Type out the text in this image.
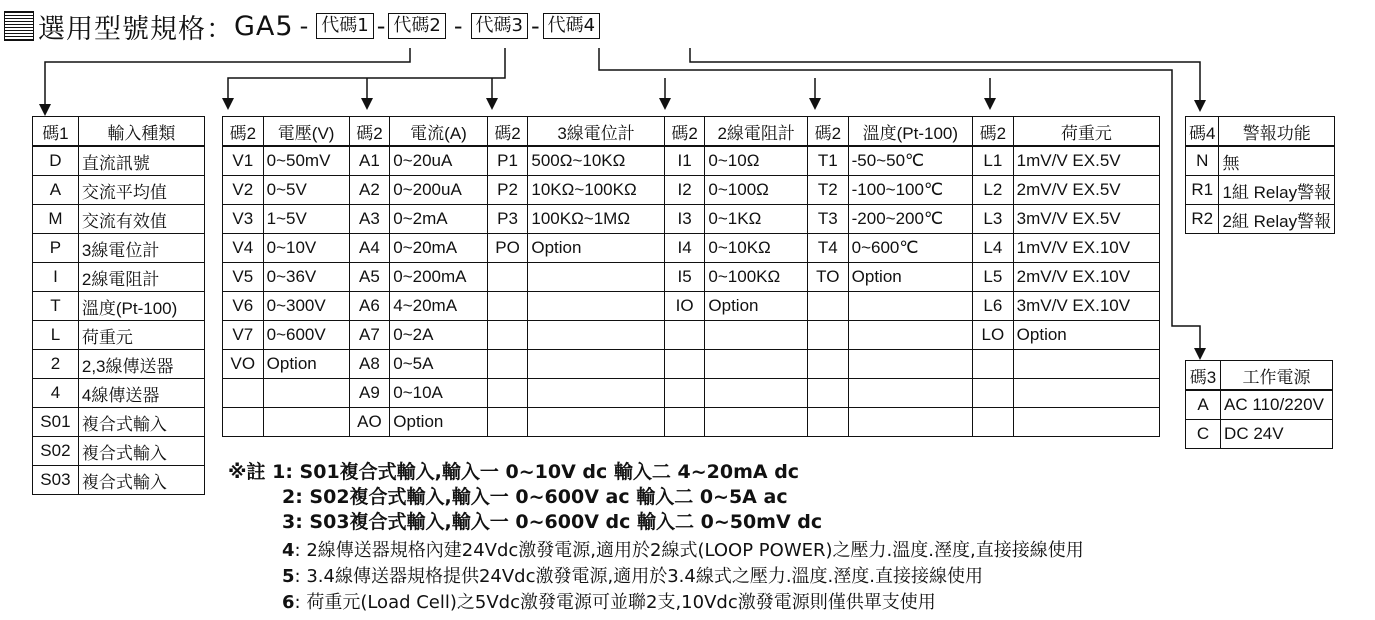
選用型號規格 ： GA5 - 代碼1 - 代碼2 - 代碼3 - 代碼4
碼1	輸入種類
D	直流訊號
A	交流平均值
M	交流有效值
P	3線電位計
I	2線電阻計
T	溫度(Pt-100)
L	荷重元
2	2,3線傳送器
4	4線傳送器
S01	複合式輸入
S02	複合式輸入
S03	複合式輸入
碼2	電壓(V)	碼2	電流(A)	碼2	3線電位計	碼2	2線電阻計	碼2	溫度(Pt-100)	碼2	荷重元
V1	0~50mV	A1	0~20uA	P1	500Ω~10KΩ	I1	0~10Ω	T1	-50~50℃	L1	1mV/V EX.5V
V2	0~5V	A2	0~200uA	P2	10KΩ~100KΩ	I2	0~100Ω	T2	-100~100℃	L2	2mV/V EX.5V
V3	1~5V	A3	0~2mA	P3	100KΩ~1MΩ	I3	0~1KΩ	T3	-200~200℃	L3	3mV/V EX.5V
V4	0~10V	A4	0~20mA	PO	Option	I4	0~10KΩ	T4	0~600℃	L4	1mV/V EX.10V
V5	0~36V	A5	0~200mA			I5	0~100KΩ	TO	Option	L5	2mV/V EX.10V
V6	0~300V	A6	4~20mA			IO	Option			L6	3mV/V EX.10V
V7	0~600V	A7	0~2A							LO	Option
VO	Option	A8	0~5A								
		A9	0~10A								
		AO	Option								
碼4	警報功能
N	無
R1	1組 Relay警報
R2	2組 Relay警報
碼3	工作電源
A	AC 110/220V
C	DC 24V
※註 1: S01複合式輸入,輸入一 0~10V dc 輸入二 4~20mA dc
2: S02複合式輸入,輸入一 0~600V ac 輸入二 0~5A ac
3: S03複合式輸入,輸入一 0~600V dc 輸入二 0~50mV dc
4: 2線傳送器規格內建24Vdc激發電源,適用於2線式(LOOP POWER)之壓力.溫度.溼度,直接接線使用
5: 3.4線傳送器規格提供24Vdc激發電源,適用於3.4線式之壓力.溫度.溼度.直接接線使用
6: 荷重元(Load Cell)之5Vdc激發電源可並聯2支,10Vdc激發電源則僅供單支使用
